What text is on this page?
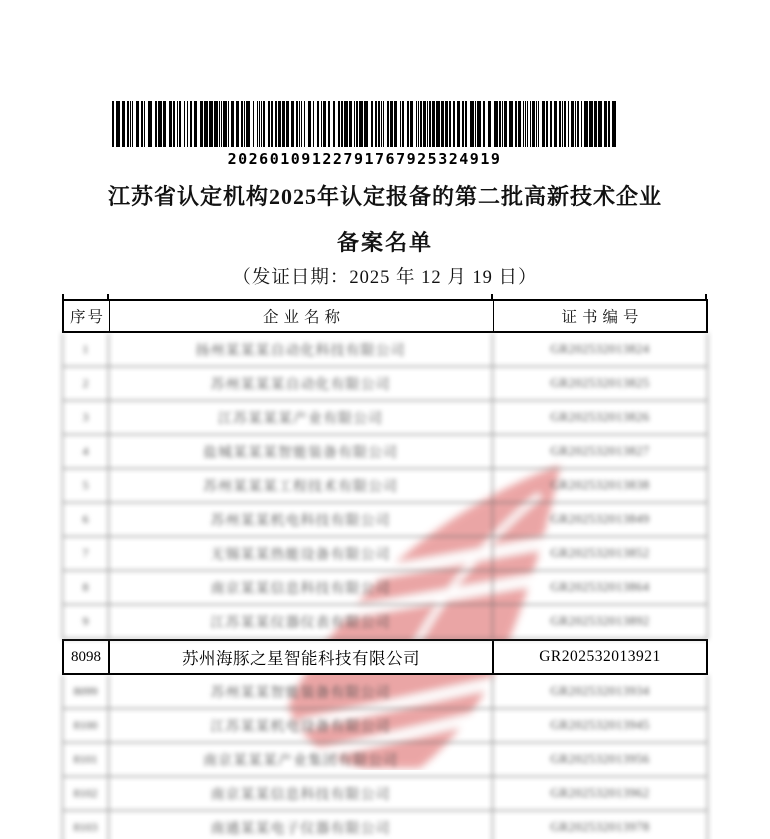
20260109122791767925324919
江苏省认定机构2025年认定报备的第二批高新技术企业
备案名单
（发证日期：2025 年 12 月 19 日）
序号	企业名称	证书编号
1	扬州某某某自动化科技有限公司	GR202532013824
2	苏州某某某自动化有限公司	GR202532013825
3	江苏某某某产业有限公司	GR202532013826
4	盐城某某某智能装备有限公司	GR202532013827
5	苏州某某某工程技术有限公司	GR202532013838
6	苏州某某机电科技有限公司	GR202532013849
7	无锡某某热能设备有限公司	GR202532013852
8	南京某某信息科技有限公司	GR202532013864
9	江苏某某仪器仪表有限公司	GR202532013892
8098	苏州海豚之星智能科技有限公司	GR202532013921
8099	苏州某某智能装备有限公司	GR202532013934
8100	江苏某某机电设备有限公司	GR202532013945
8101	南京某某某产业集团有限公司	GR202532013956
8102	南京某某信息科技有限公司	GR202532013962
8103	南通某某电子仪器有限公司	GR202532013978
